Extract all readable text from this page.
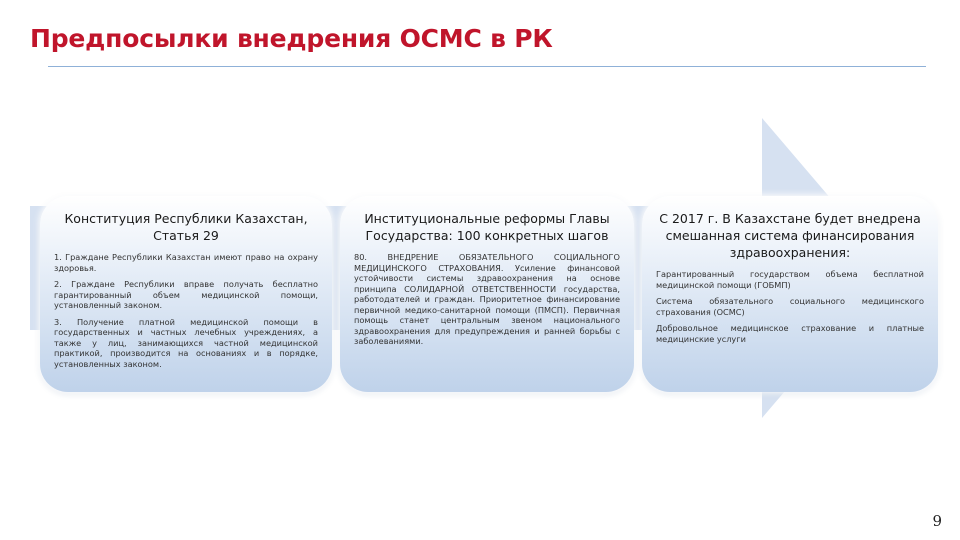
Предпосылки внедрения ОСМС в РК
Конституция Республики Казахстан, Статья 29

1. Граждане Республики Казахстан имеют право на охрану здоровья.

2. Граждане Республики вправе получать бесплатно гарантированный объем медицинской помощи, установленный законом.

3. Получение платной медицинской помощи в государственных и частных лечебных учреждениях, а также у лиц, занимающихся частной медицинской практикой, производится на основаниях и в порядке, установленных законом.

Институциональные реформы Главы Государства: 100 конкретных шагов

80. ВНЕДРЕНИЕ ОБЯЗАТЕЛЬНОГО СОЦИАЛЬНОГО МЕДИЦИНСКОГО СТРАХОВАНИЯ. Усиление финансовой устойчивости системы здравоохранения на основе принципа СОЛИДАРНОЙ ОТВЕТСТВЕННОСТИ государства, работодателей и граждан. Приоритетное финансирование первичной медико-санитарной помощи (ПМСП). Первичная помощь станет центральным звеном национального здравоохранения для предупреждения и ранней борьбы с заболеваниями.

С 2017 г. В Казахстане будет внедрена смешанная система финансирования здравоохранения:

Гарантированный государством объема бесплатной медицинской помощи (ГОБМП)

Система обязательного социального медицинского страхования (ОСМС)

Добровольное медицинское страхование и платные медицинские услуги

9
